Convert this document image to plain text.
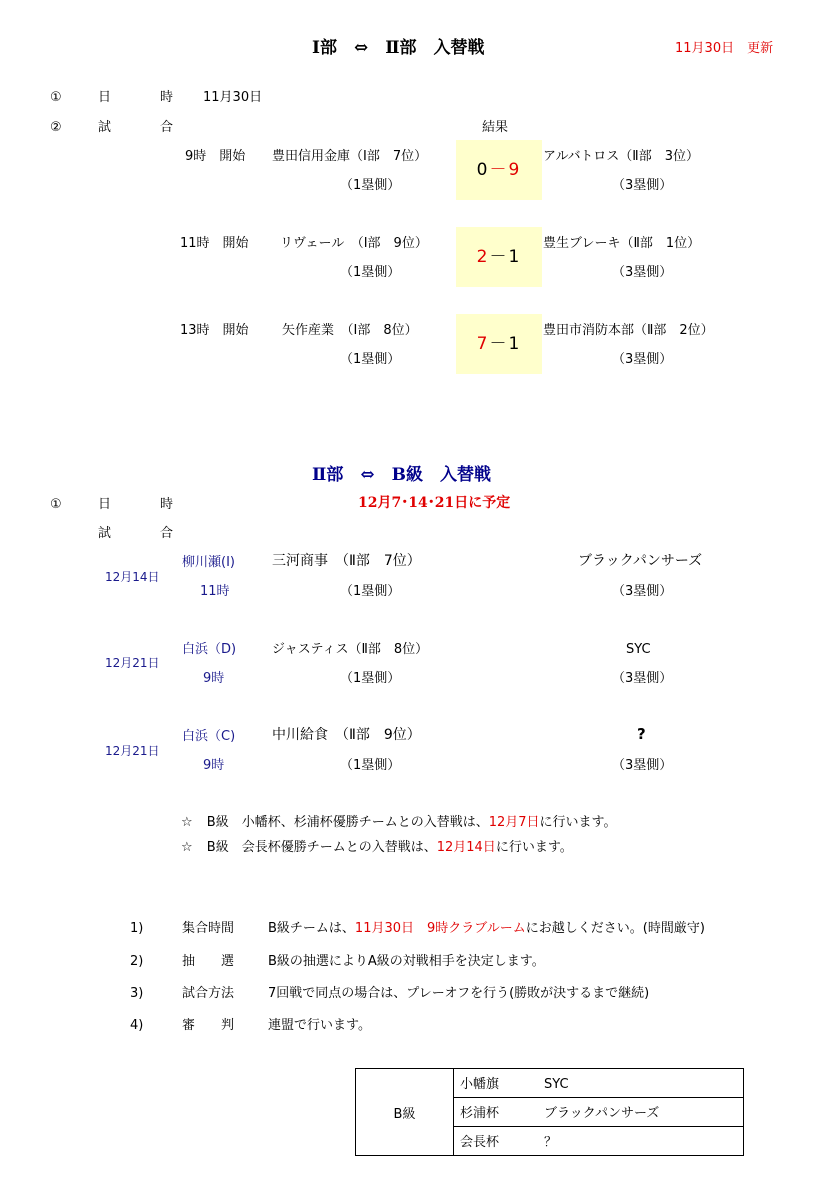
Ⅰ部　⇔　Ⅱ部　入替戦	11月30日　更新
①	日	時 11月30日
②	試	合	結果
9時　開始 豊田信用金庫（Ⅰ部　7位）
（1塁側）
0 － 9
アルバトロス（Ⅱ部　3位）
（3塁側）
11時　開始 リヴェール　（Ⅰ部　9位）
（1塁側）
2 － 1
豊生ブレーキ（Ⅱ部　1位）
（3塁側）
13時　開始	矢作産業　（Ⅰ部　8位）
（1塁側）
7 － 1
豊田市消防本部（Ⅱ部　2位）
（3塁側）
Ⅱ部　⇔　B級　入替戦
①	日	時	12月7･14･21日に予定
試	合
12月14日
柳川瀬(Ⅰ)
11時
三河商事　（Ⅱ部　7位）
（1塁側）
ブラックパンサーズ
（3塁側）
12月21日
白浜（D)
9時
ジャスティス（Ⅱ部　8位）
（1塁側）
SYC
（3塁側）
12月21日
白浜（C)
9時
中川給食　（Ⅱ部　9位）
（1塁側）
?
（3塁側）
☆ B級　小幡杯、杉浦杯優勝チームとの入替戦は、12月7日に行います。
☆ B級　会長杯優勝チームとの入替戦は、12月14日に行います。
1)	集合時間	B級チームは、11月30日　9時クラブルームにお越しください。(時間厳守)
2)	抽　　選	B級の抽選によりA級の対戦相手を決定します。
3)	試合方法	7回戦で同点の場合は、プレーオフを行う(勝敗が決するまで継続)
4)	審　　判	連盟で行います。
B級
小幡旗	SYC
杉浦杯	ブラックパンサーズ
会長杯	？
